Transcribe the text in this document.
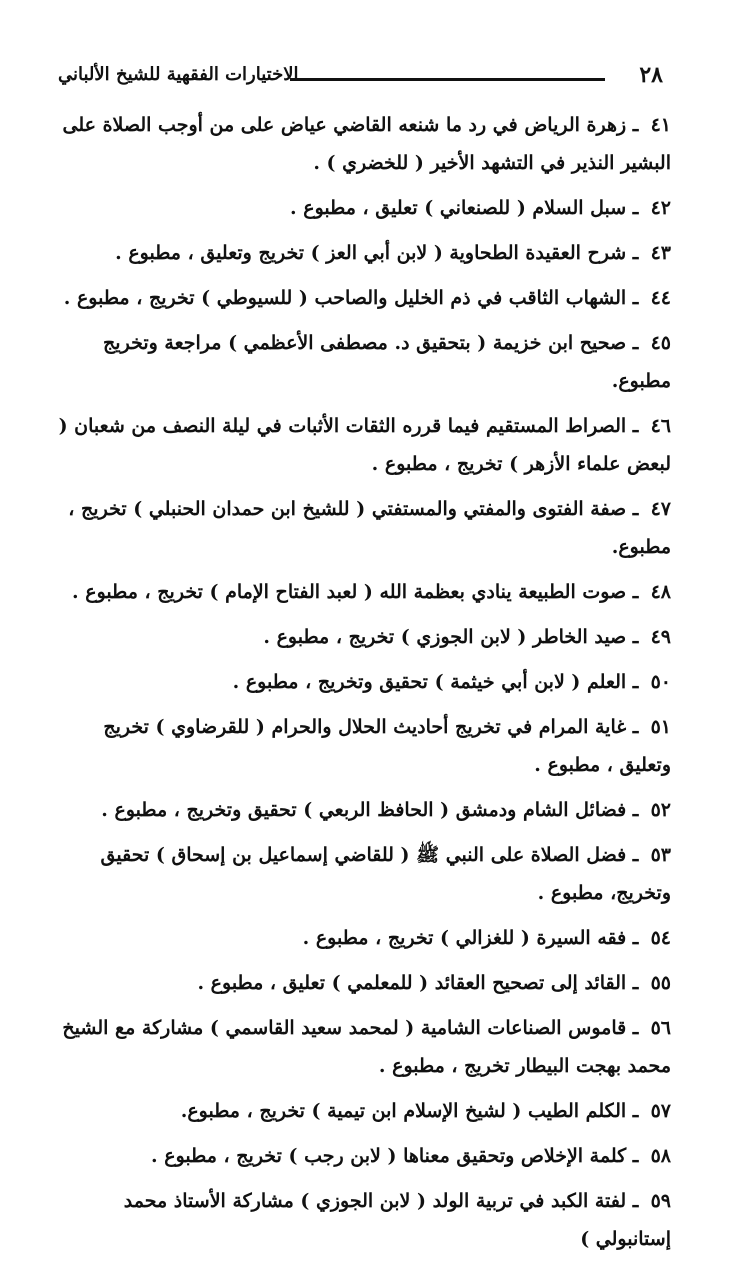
٢٨
الاختيارات الفقهية للشيخ الألباني

٤١ ـ زهرة الرياض في رد ما شنعه القاضي عياض على من أوجب الصلاة على البشير النذير في التشهد الأخير ( للخضري ) .

٤٢ ـ سبل السلام ( للصنعاني ) تعليق ، مطبوع .

٤٣ ـ شرح العقيدة الطحاوية ( لابن أبي العز ) تخريج وتعليق ، مطبوع .

٤٤ ـ الشهاب الثاقب في ذم الخليل والصاحب ( للسيوطي ) تخريج ، مطبوع .

٤٥ ـ صحيح ابن خزيمة ( بتحقيق د. مصطفى الأعظمي ) مراجعة وتخريج مطبوع.

٤٦ ـ الصراط المستقيم فيما قرره الثقات الأثبات في ليلة النصف من شعبان ( لبعض علماء الأزهر ) تخريج ، مطبوع .

٤٧ ـ صفة الفتوى والمفتي والمستفتي ( للشيخ ابن حمدان الحنبلي ) تخريج ، مطبوع.

٤٨ ـ صوت الطبيعة ينادي بعظمة الله ( لعبد الفتاح الإمام ) تخريج ، مطبوع .

٤٩ ـ صيد الخاطر ( لابن الجوزي ) تخريج ، مطبوع .

٥٠ ـ العلم ( لابن أبي خيثمة ) تحقيق وتخريج ، مطبوع .

٥١ ـ غاية المرام في تخريج أحاديث الحلال والحرام ( للقرضاوي ) تخريج وتعليق ، مطبوع .

٥٢ ـ فضائل الشام ودمشق ( الحافظ الربعي ) تحقيق وتخريج ، مطبوع .

٥٣ ـ فضل الصلاة على النبي ﷺ ( للقاضي إسماعيل بن إسحاق ) تحقيق وتخريج، مطبوع .

٥٤ ـ فقه السيرة ( للغزالي ) تخريج ، مطبوع .

٥٥ ـ القائد إلى تصحيح العقائد ( للمعلمي ) تعليق ، مطبوع .

٥٦ ـ قاموس الصناعات الشامية ( لمحمد سعيد القاسمي ) مشاركة مع الشيخ محمد بهجت البيطار تخريج ، مطبوع .

٥٧ ـ الكلم الطيب ( لشيخ الإسلام ابن تيمية ) تخريج ، مطبوع.

٥٨ ـ كلمة الإخلاص وتحقيق معناها ( لابن رجب ) تخريج ، مطبوع .

٥٩ ـ لفتة الكبد في تربية الولد ( لابن الجوزي ) مشاركة الأستاذ محمد إستانبولي )
